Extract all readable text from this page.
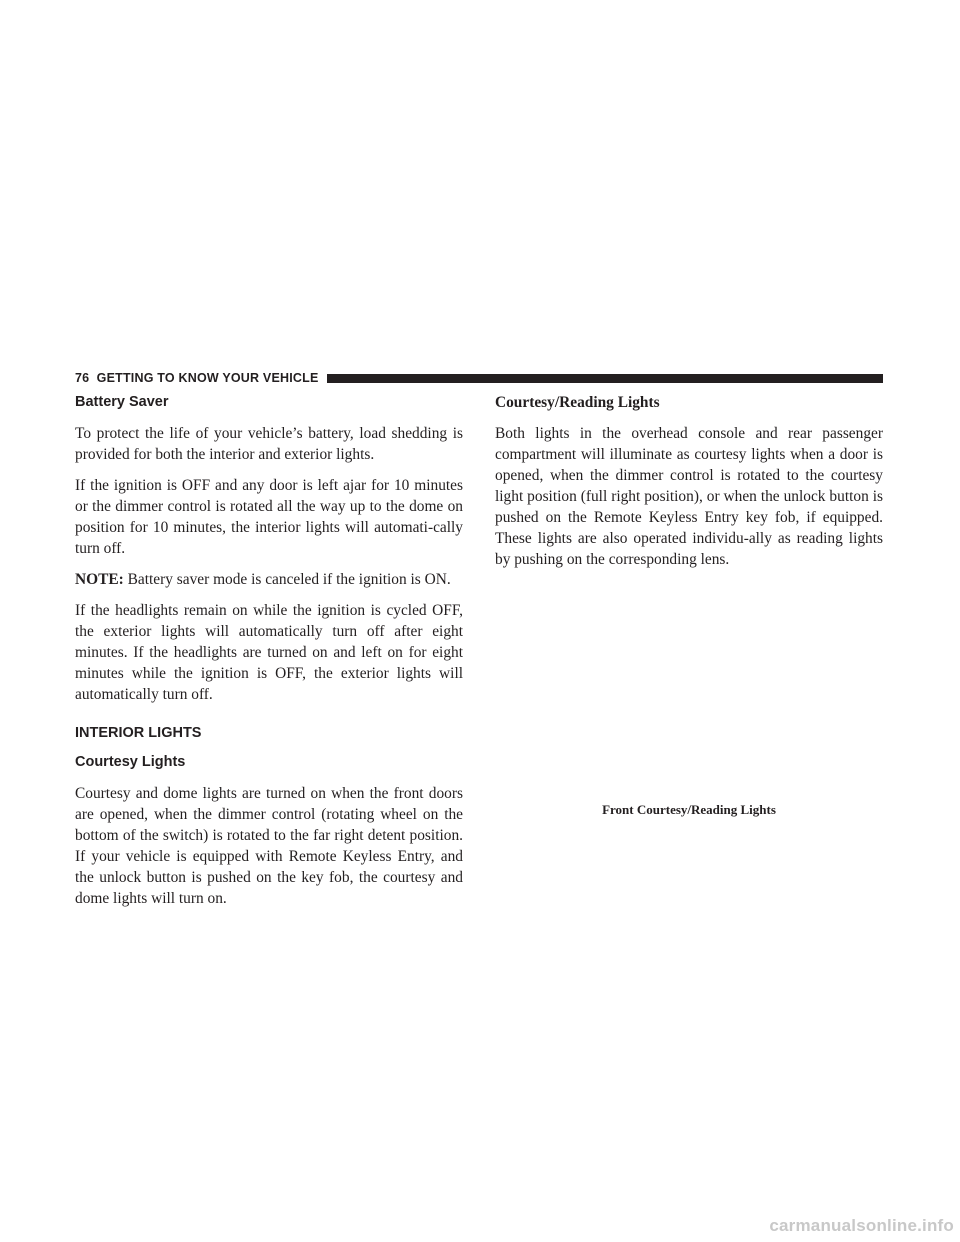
76 GETTING TO KNOW YOUR VEHICLE
Battery Saver

To protect the life of your vehicle’s battery, load shedding is provided for both the interior and exterior lights.

If the ignition is OFF and any door is left ajar for 10 minutes or the dimmer control is rotated all the way up to the dome on position for 10 minutes, the interior lights will automati-cally turn off.

NOTE: Battery saver mode is canceled if the ignition is ON.

If the headlights remain on while the ignition is cycled OFF, the exterior lights will automatically turn off after eight minutes. If the headlights are turned on and left on for eight minutes while the ignition is OFF, the exterior lights will automatically turn off.

INTERIOR LIGHTS
Courtesy Lights

Courtesy and dome lights are turned on when the front doors are opened, when the dimmer control (rotating wheel on the bottom of the switch) is rotated to the far right detent position. If your vehicle is equipped with Remote Keyless Entry, and the unlock button is pushed on the key fob, the courtesy and dome lights will turn on.

Courtesy/Reading Lights

Both lights in the overhead console and rear passenger compartment will illuminate as courtesy lights when a door is opened, when the dimmer control is rotated to the courtesy light position (full right position), or when the unlock button is pushed on the Remote Keyless Entry key fob, if equipped. These lights are also operated individu-ally as reading lights by pushing on the corresponding lens.

Front Courtesy/Reading Lights
carmanualsonline.info
